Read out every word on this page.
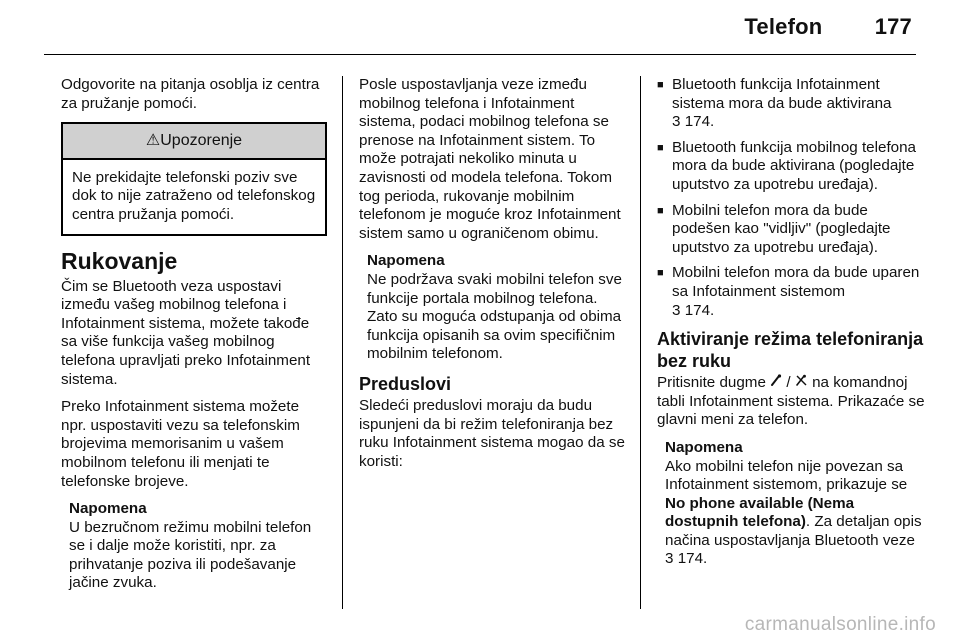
Telefon 177

Odgovorite na pitanja osoblja iz centra za pružanje pomoći.

⚠Upozorenje
Ne prekidajte telefonski poziv sve dok to nije zatraženo od telefonskog centra pružanja pomoći.
Rukovanje

Čim se Bluetooth veza uspostavi između vašeg mobilnog telefona i Infotainment sistema, možete takođe sa više funkcija vašeg mobilnog telefona upravljati preko Infotainment sistema.

Preko Infotainment sistema možete npr. uspostaviti vezu sa telefonskim brojevima memorisanim u vašem mobilnom telefonu ili menjati te telefonske brojeve.

Napomena
U bezručnom režimu mobilni telefon se i dalje može koristiti, npr. za prihvatanje poziva ili podešavanje jačine zvuka.

Posle uspostavljanja veze između mobilnog telefona i Infotainment sistema, podaci mobilnog telefona se prenose na Infotainment sistem. To može potrajati nekoliko minuta u zavisnosti od modela telefona. Tokom tog perioda, rukovanje mobilnim telefonom je moguće kroz Infotainment sistem samo u ograničenom obimu.

Napomena
Ne podržava svaki mobilni telefon sve funkcije portala mobilnog telefona. Zato su moguća odstupanja od obima funkcija opisanih sa ovim specifičnim mobilnim telefonom.
Preduslovi

Sledeći preduslovi moraju da budu ispunjeni da bi režim telefoniranja bez ruku Infotainment sistema mogao da se koristi:

■ Bluetooth funkcija Infotainment sistema mora da bude aktivirana
3 174.
■ Bluetooth funkcija mobilnog telefona mora da bude aktivirana (pogledajte uputstvo za upotrebu uređaja).
■ Mobilni telefon mora da bude podešen kao "vidljiv" (pogledajte uputstvo za upotrebu uređaja).
■ Mobilni telefon mora da bude uparen sa Infotainment sistemom
3 174.
Aktiviranje režima telefoniranja bez ruku

Pritisnite dugme / na komandnoj tabli Infotainment sistema. Prikazaće se glavni meni za telefon.

Napomena
Ako mobilni telefon nije povezan sa Infotainment sistemom, prikazuje se No phone available (Nema dostupnih telefona). Za detaljan opis načina uspostavljanja Bluetooth veze 3 174.
carmanualsonline.info
